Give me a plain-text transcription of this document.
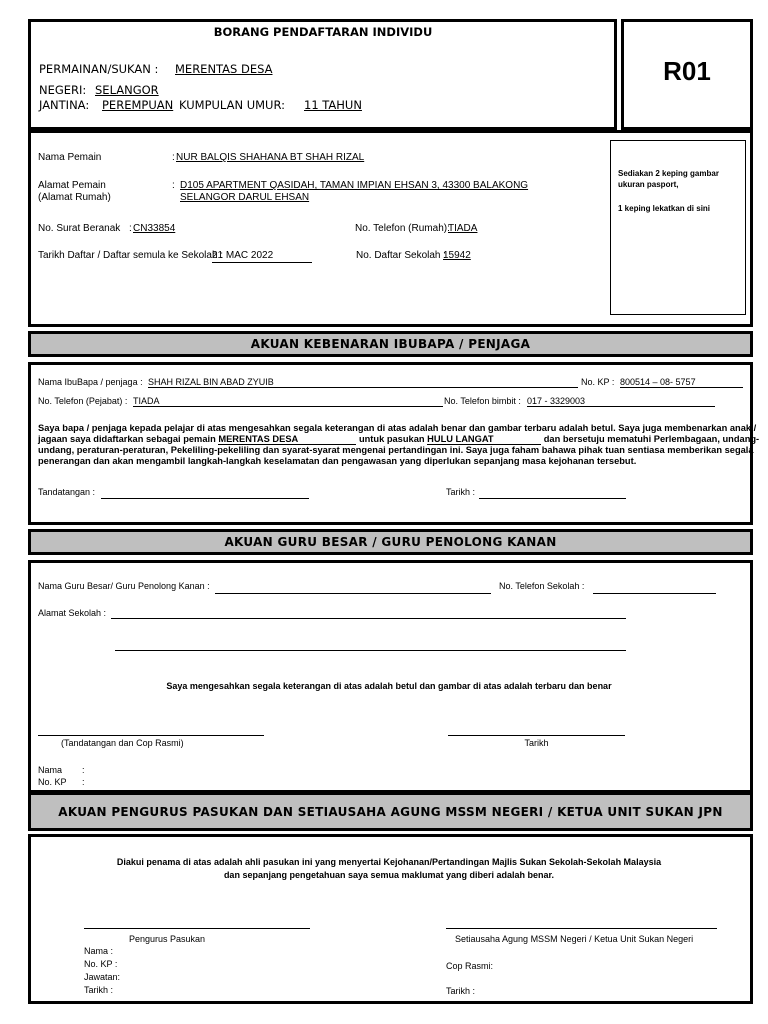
BORANG PENDAFTARAN INDIVIDU
PERMAINAN/SUKAN : MERENTAS DESA
NEGERI: SELANGOR
JANTINA: PEREMPUAN KUMPULAN UMUR: 11 TAHUN
R01
Nama Pemain	: NUR BALQIS SHAHANA BT SHAH RIZAL
Alamat Pemain
(Alamat Rumah)
: D105 APARTMENT QASIDAH, TAMAN IMPIAN EHSAN 3, 43300 BALAKONG
SELANGOR DARUL EHSAN
No. Surat Beranak : CN33854	No. Telefon (Rumah):
TIADA
Tarikh Daftar / Daftar semula ke Sekolah :
21 MAC 2022	No. Daftar Sekolah :
15942
Sediakan 2 keping gambar
ukuran pasport,
1 keping lekatkan di sini
AKUAN KEBENARAN IBUBAPA / PENJAGA
Nama IbuBapa / penjaga : SHAH RIZAL BIN ABAD ZYUIB	No. KP : 800514 – 08- 5757
No. Telefon (Pejabat) : TIADA	No. Telefon bimbit : 017 - 3329003
Saya bapa / penjaga kepada pelajar di atas mengesahkan segala keterangan di atas adalah benar dan gambar terbaru adalah betul. Saya juga membenarkan anak /
jagaan saya didaftarkan sebagai pemain MERENTAS DESA	untuk pasukan HULU LANGAT	dan bersetuju mematuhi Perlembagaan, undang-
undang, peraturan-peraturan, Pekeliling-pekeliling dan syarat-syarat mengenai pertandingan ini. Saya juga faham bahawa pihak tuan sentiasa memberikan segala
penerangan dan akan mengambil langkah-langkah keselamatan dan pengawasan yang diperlukan sepanjang masa kejohanan tersebut.
Tandatangan :	Tarikh :
AKUAN GURU BESAR / GURU PENOLONG KANAN
Nama Guru Besar/ Guru Penolong Kanan :	No. Telefon Sekolah :
Alamat Sekolah :
Saya mengesahkan segala keterangan di atas adalah betul dan gambar di atas adalah terbaru dan benar
(Tandatangan dan Cop Rasmi)	Tarikh
Nama :
No. KP :
AKUAN PENGURUS PASUKAN DAN SETIAUSAHA AGUNG MSSM NEGERI / KETUA UNIT SUKAN JPN
Diakui penama di atas adalah ahli pasukan ini yang menyertai Kejohanan/Pertandingan Majlis Sukan Sekolah-Sekolah Malaysia
dan sepanjang pengetahuan saya semua maklumat yang diberi adalah benar.
Pengurus Pasukan	Setiausaha Agung MSSM Negeri / Ketua Unit Sukan Negeri
Nama :
No. KP :
Jawatan:
Tarikh :
Cop Rasmi:
Tarikh :
